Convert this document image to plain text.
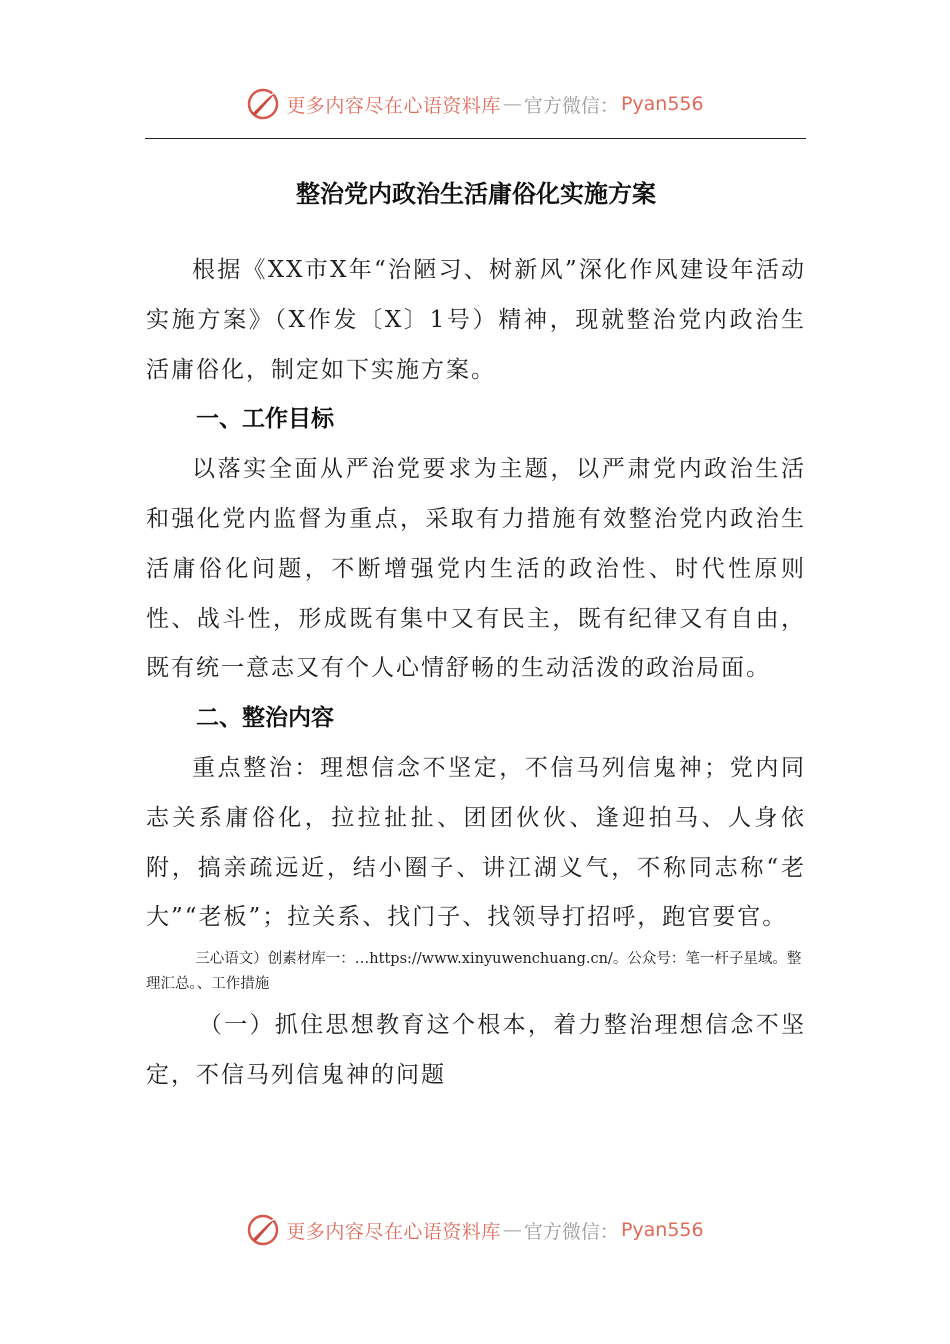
更多内容尽在心语资料库 — 官方微信： Pyan556
整治党内政治生活庸俗化实施方案

根据《XX市X年“治陋习、树新风”深化作风建设年活动实施方案》（X作发〔X〕1号）精神，现就整治党内政治生活庸俗化，制定如下实施方案。

一、工作目标

以落实全面从严治党要求为主题，以严肃党内政治生活和强化党内监督为重点，采取有力措施有效整治党内政治生活庸俗化问题，不断增强党内生活的政治性、时代性原则性、战斗性，形成既有集中又有民主，既有纪律又有自由，既有统一意志又有个人心情舒畅的生动活泼的政治局面。

二、整治内容

重点整治：理想信念不坚定，不信马列信鬼神；党内同志关系庸俗化，拉拉扯扯、团团伙伙、逢迎拍马、人身依附，搞亲疏远近，结小圈子、讲江湖义气，不称同志称“老大”“老板”；拉关系、找门子、找领导打招呼，跑官要官。

三心语文）创素材库一：…https://www.xinyuwenchuang.cn/。公众号：笔一杆子星域。整理汇总。、工作措施

（一）抓住思想教育这个根本，着力整治理想信念不坚定，不信马列信鬼神的问题

更多内容尽在心语资料库 — 官方微信： Pyan556
